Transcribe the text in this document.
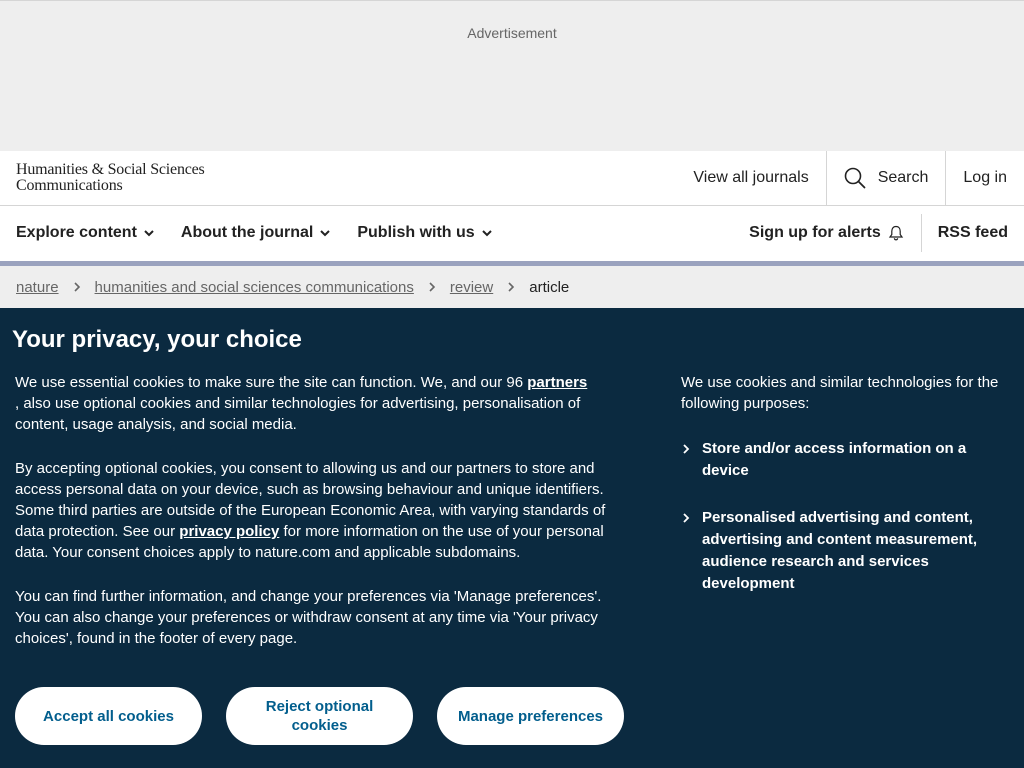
Advertisement
Humanities & Social Sciences
Communications	View all journals	Search	Log in
Explore content	About the journal	Publish with us	Sign up for alerts	RSS feed
nature humanities and social sciences communications review article
Your privacy, your choice

We use essential cookies to make sure the site can function. We, and our 96 partners
, also use optional cookies and similar technologies for advertising, personalisation of content, usage analysis, and social media.

By accepting optional cookies, you consent to allowing us and our partners to store and access personal data on your device, such as browsing behaviour and unique identifiers. Some third parties are outside of the European Economic Area, with varying standards of data protection. See our privacy policy for more information on the use of your personal data. Your consent choices apply to nature.com and applicable subdomains.

You can find further information, and change your preferences via 'Manage preferences'.

You can also change your preferences or withdraw consent at any time via 'Your privacy choices', found in the footer of every page.

We use cookies and similar technologies for the following purposes:
Store and/or access information on a device
Personalised advertising and content, advertising and content measurement, audience research and services development
Accept all cookies
Reject optional cookies
Manage preferences
